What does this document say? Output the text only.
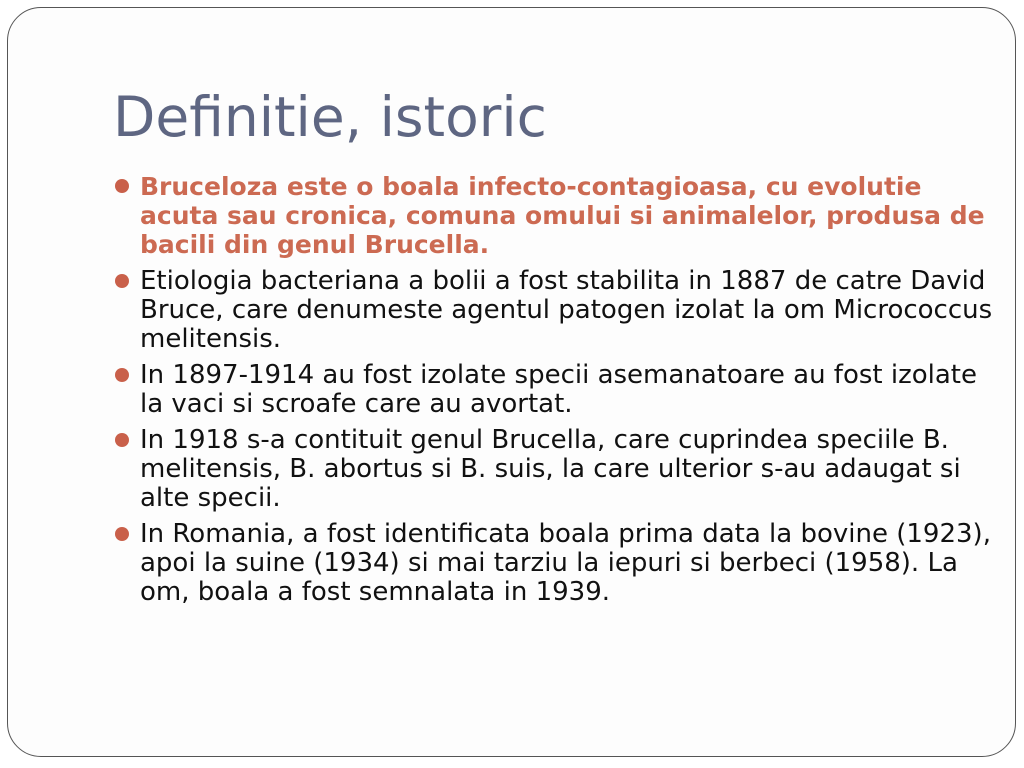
Definitie, istoric
Bruceloza este o boala infecto-contagioasa, cu evolutie acuta sau cronica, comuna omului si animalelor, produsa de bacili din genul Brucella.
Etiologia bacteriana a bolii a fost stabilita in 1887 de catre David Bruce, care denumeste agentul patogen izolat la om Micrococcus melitensis.
In 1897-1914 au fost izolate specii asemanatoare au fost izolate la vaci si scroafe care au avortat.
In 1918 s-a contituit genul Brucella, care cuprindea speciile B. melitensis, B. abortus si B. suis, la care ulterior s-au adaugat si alte specii.
In Romania, a fost identificata boala prima data la bovine (1923), apoi la suine (1934) si mai tarziu la iepuri si berbeci (1958). La om, boala a fost semnalata in 1939.
